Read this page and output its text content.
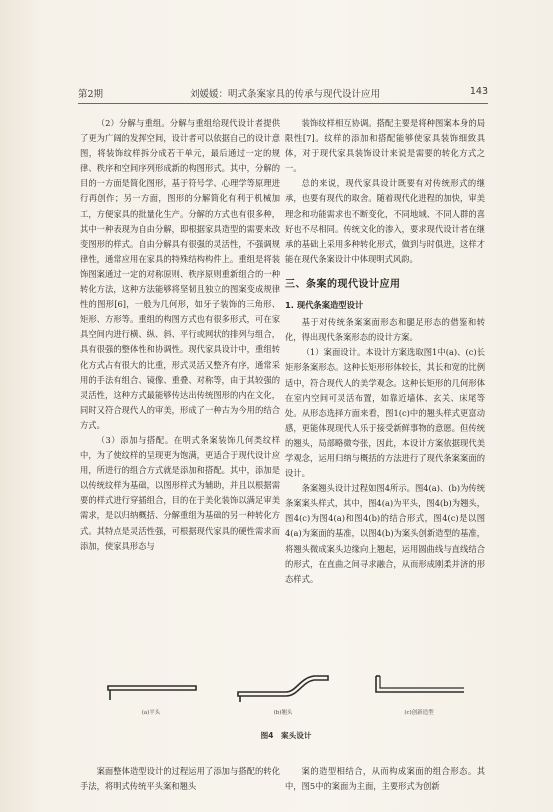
第2期	刘媛媛：明式条案家具的传承与现代设计应用	143

（2）分解与重组。分解与重组给现代设计者提供了更为广阔的发挥空间，设计者可以依据自己的设计意图，将装饰纹样拆分成若干单元，最后通过一定的规律、秩序和空间序列形成新的构图形式。其中，分解的目的一方面是简化图形，基于符号学、心理学等原理进行再创作；另一方面，图形的分解简化有利于机械加工，方便家具的批量化生产。分解的方式也有很多种，其中一种表现为自由分解，即根据家具造型的需要来改变图形的样式。自由分解具有很强的灵活性，不强调规律性，通常应用在家具的特殊结构构件上。重组是将装饰图案通过一定的对称原则、秩序原则重新组合的一种转化方法，这种方法能够将坚韧且独立的图案变成规律性的图形[6]，一般为几何形，如牙子装饰的三角形、矩形、方形等。重组的构图方式也有很多形式，可在家具空间内进行横、纵、斜、平行或网状的排列与组合，具有很强的整体性和协调性。现代家具设计中，重组转化方式占有很大的比重，形式灵活又整齐有序，通常采用的手法有组合、镜像、重叠、对称等，由于其较强的灵活性，这种方式最能够传达出传统图形的内在文化，同时又符合现代人的审美，形成了一种古为今用的结合方式。

（3）添加与搭配。在明式条案装饰几何类纹样中，为了使纹样的呈现更为饱满，更适合于现代设计应用，所进行的组合方式就是添加和搭配。其中，添加是以传统纹样为基础，以图形样式为辅助，并且以根据需要的样式进行穿插组合，目的在于美化装饰以满足审美需求，是以归纳概括、分解重组为基础的另一种转化方式。其特点是灵活性强，可根据现代家具的硬性需求而添加，使家具形态与

装饰纹样相互协调。搭配主要是将种图案本身的局限性[7]。纹样的添加和搭配能够使家具装饰细致具体，对于现代家具装饰设计来说是需要的转化方式之一。

总的来说，现代家具设计既要有对传统形式的继承，也要有现代的取舍。随着现代化进程的加快，审美理念和功能需求也不断变化，不同地域、不同人群的喜好也不尽相同。传统文化的渗入，要求现代设计者在继承的基础上采用多种转化形式，做到与时俱进，这样才能在现代条案设计中体现明式风韵。

三、条案的现代设计应用
1. 现代条案造型设计

基于对传统条案案面形态和腿足形态的借鉴和转化，得出现代条案形态的设计方案。

（1）案面设计。本设计方案选取图1中(a)、(c)长矩形条案形态。这种长矩形形体较长，其长和宽的比例适中，符合现代人的美学观念。这种长矩形的几何形体在室内空间可灵活布置，如靠近墙体、玄关、床尾等处。从形态选择方面来看，图1(c)中的翘头样式更富动感，更能体现现代人乐于接受新鲜事物的意愿。但传统的翘头，局部略微夸张，因此，本设计方案依据现代美学观念，运用归纳与概括的方法进行了现代条案案面的设计。

条案翘头设计过程如图4所示。图4(a)、(b)为传统条案案头样式，其中，图4(a)为平头，图4(b)为翘头，图4(c)为图4(a)和图4(b)的结合形式，图4(c)是以图4(a)为案面的基准，以图4(b)为案头创新造型的基准，将翘头微成案头边缘向上翘起，运用圆曲线与直线结合的形式，在直曲之间寻求融合，从而形成刚柔并济的形态样式。

(a)平头	(b)翘头	(c)创新造型
图4　案头设计

案面整体造型设计的过程运用了添加与搭配的转化手法，将明式传统平头案和翘头

案的造型相结合，从而构成案面的组合形态。其中，图5中的案面为主面，主要形式为创新
